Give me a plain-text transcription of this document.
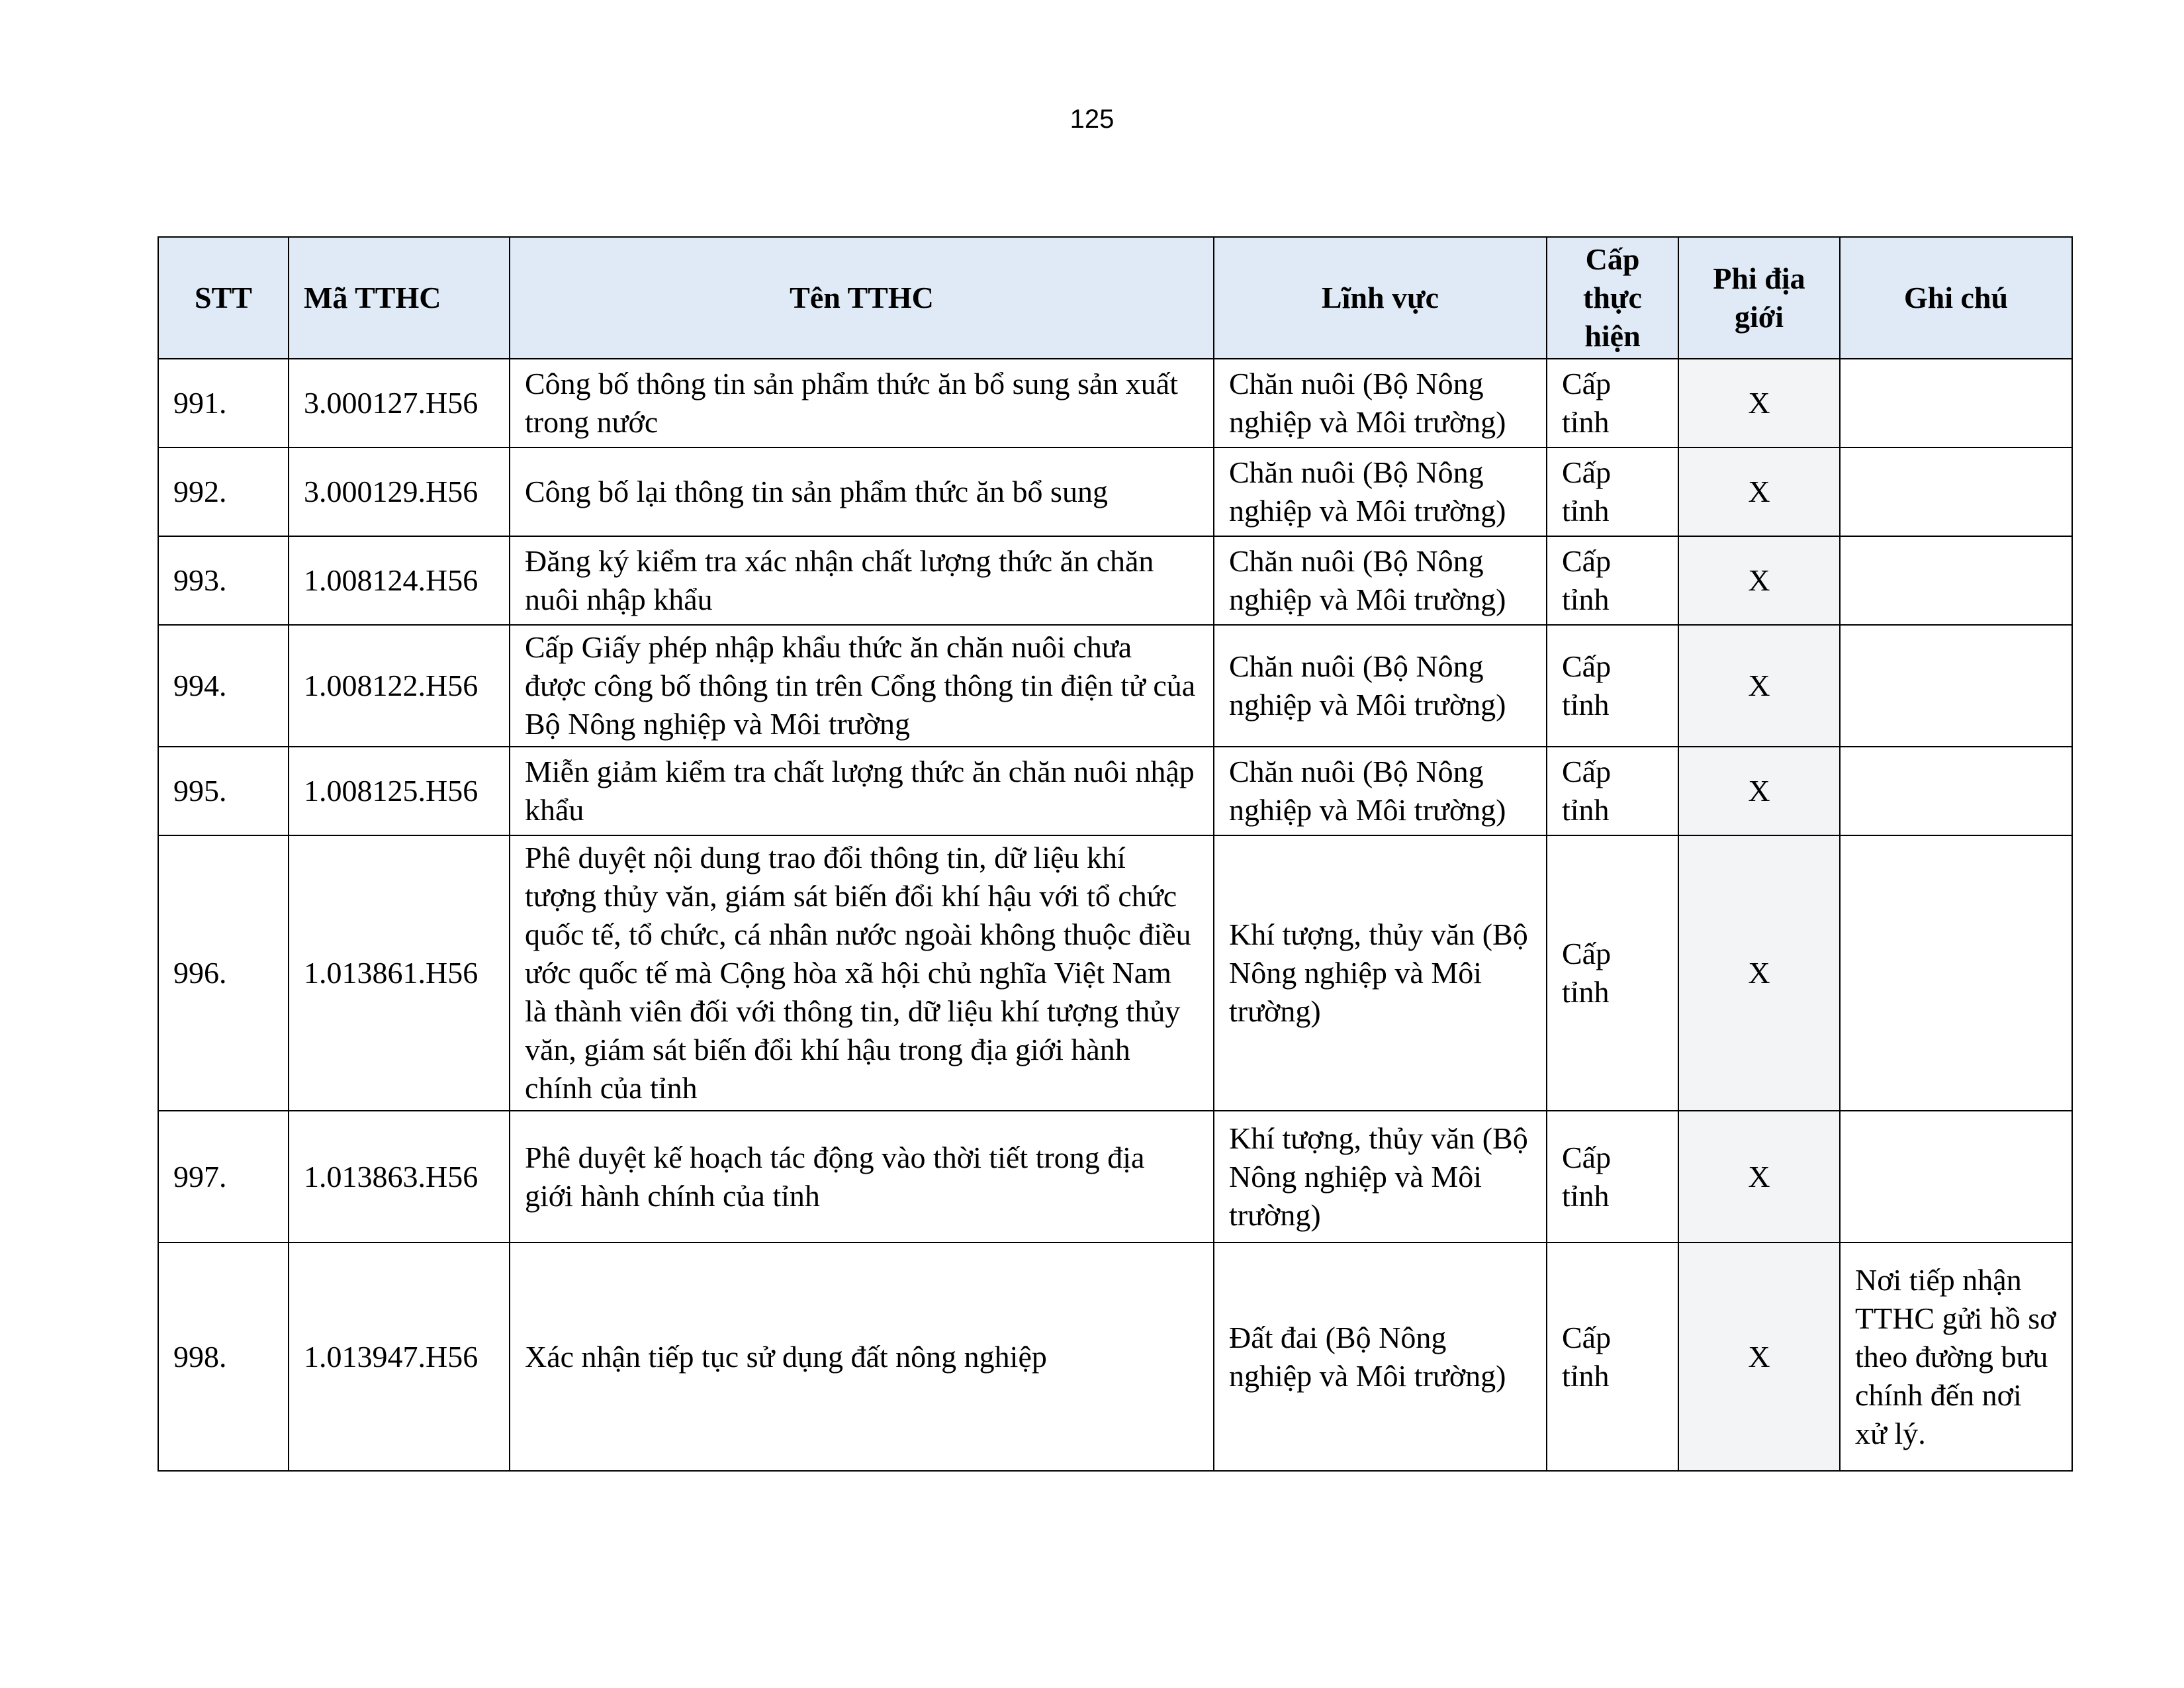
125
STT	Mã TTHC	Tên TTHC	Lĩnh vực	Cấp thực hiện	Phi địa giới	Ghi chú
991.	3.000127.H56	Công bố thông tin sản phẩm thức ăn bổ sung sản xuất trong nước	Chăn nuôi (Bộ Nông nghiệp và Môi trường)	Cấp tỉnh	X	
992.	3.000129.H56	Công bố lại thông tin sản phẩm thức ăn bổ sung	Chăn nuôi (Bộ Nông nghiệp và Môi trường)	Cấp tỉnh	X	
993.	1.008124.H56	Đăng ký kiểm tra xác nhận chất lượng thức ăn chăn nuôi nhập khẩu	Chăn nuôi (Bộ Nông nghiệp và Môi trường)	Cấp tỉnh	X	
994.	1.008122.H56	Cấp Giấy phép nhập khẩu thức ăn chăn nuôi chưa được công bố thông tin trên Cổng thông tin điện tử của Bộ Nông nghiệp và Môi trường	Chăn nuôi (Bộ Nông nghiệp và Môi trường)	Cấp tỉnh	X	
995.	1.008125.H56	Miễn giảm kiểm tra chất lượng thức ăn chăn nuôi nhập khẩu	Chăn nuôi (Bộ Nông nghiệp và Môi trường)	Cấp tỉnh	X	
996.	1.013861.H56	Phê duyệt nội dung trao đổi thông tin, dữ liệu khí tượng thủy văn, giám sát biến đổi khí hậu với tổ chức quốc tế, tổ chức, cá nhân nước ngoài không thuộc điều ước quốc tế mà Cộng hòa xã hội chủ nghĩa Việt Nam là thành viên đối với thông tin, dữ liệu khí tượng thủy văn, giám sát biến đổi khí hậu trong địa giới hành chính của tỉnh	Khí tượng, thủy văn (Bộ Nông nghiệp và Môi trường)	Cấp tỉnh	X	
997.	1.013863.H56	Phê duyệt kế hoạch tác động vào thời tiết trong địa giới hành chính của tỉnh	Khí tượng, thủy văn (Bộ Nông nghiệp và Môi trường)	Cấp tỉnh	X	
998.	1.013947.H56	Xác nhận tiếp tục sử dụng đất nông nghiệp	Đất đai (Bộ Nông nghiệp và Môi trường)	Cấp tỉnh	X	Nơi tiếp nhận TTHC gửi hồ sơ theo đường bưu chính đến nơi xử lý.
